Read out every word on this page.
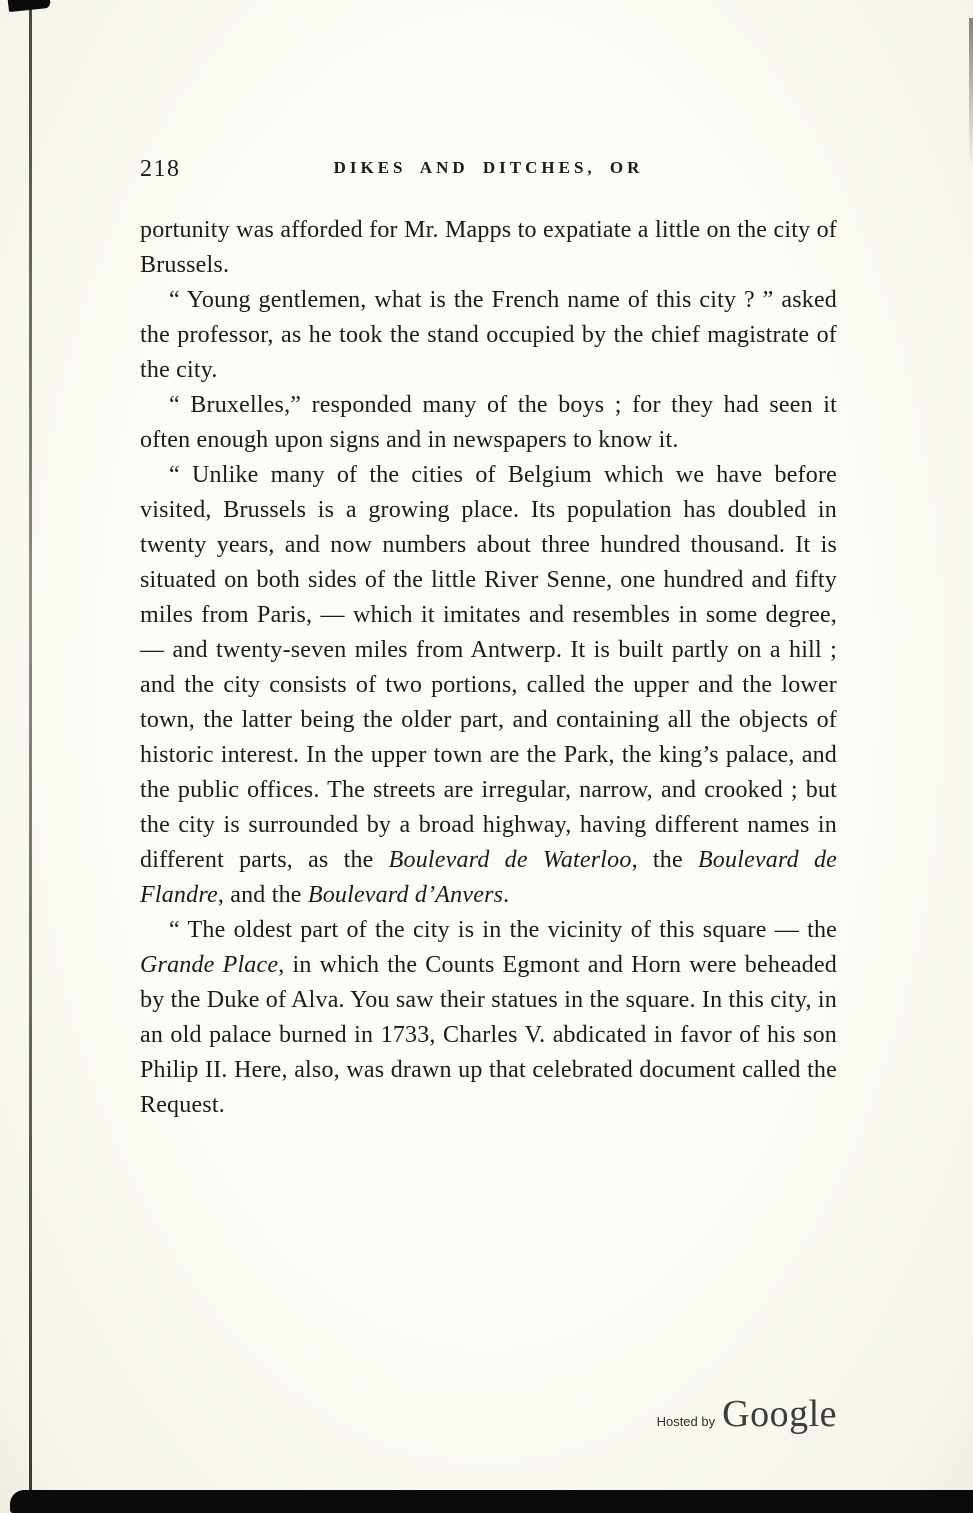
218	DIKES AND DITCHES, OR

portunity was afforded for Mr. Mapps to expatiate a little on the city of Brussels.

“ Young gentlemen, what is the French name of this city ? ” asked the professor, as he took the stand occupied by the chief magistrate of the city.

“ Bruxelles,” responded many of the boys ; for they had seen it often enough upon signs and in newspapers to know it.

“ Unlike many of the cities of Belgium which we have before visited, Brussels is a growing place. Its population has doubled in twenty years, and now numbers about three hundred thousand. It is situated on both sides of the little River Senne, one hundred and fifty miles from Paris, — which it imitates and resembles in some degree, — and twenty-seven miles from Antwerp. It is built partly on a hill ; and the city consists of two portions, called the upper and the lower town, the latter being the older part, and containing all the objects of historic interest. In the upper town are the Park, the king’s palace, and the public offices. The streets are irregular, narrow, and crooked ; but the city is surrounded by a broad highway, having different names in different parts, as the Boulevard de Waterloo, the Boulevard de Flandre, and the Boulevard d’Anvers.

“ The oldest part of the city is in the vicinity of this square — the Grande Place, in which the Counts Egmont and Horn were beheaded by the Duke of Alva. You saw their statues in the square. In this city, in an old palace burned in 1733, Charles V. abdicated in favor of his son Philip II. Here, also, was drawn up that celebrated document called the Request.

Hosted by Google
